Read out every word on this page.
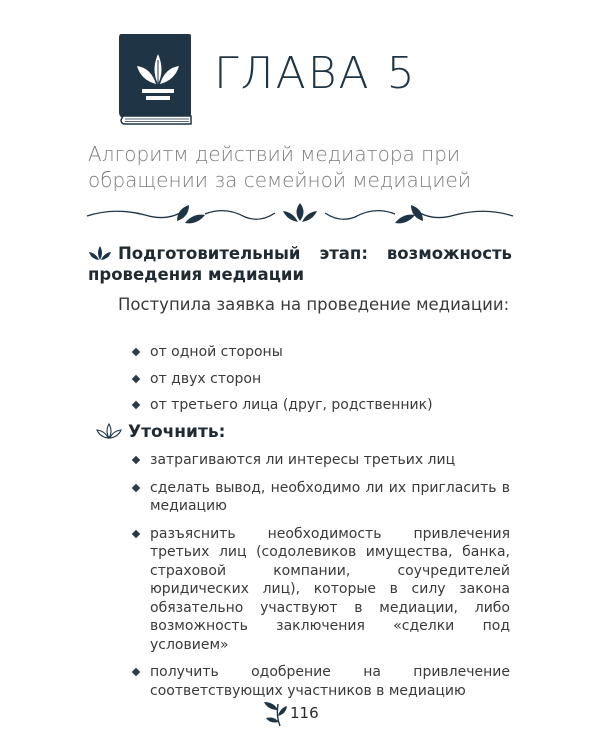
ГЛАВА 5

Алгоритм действий медиатора при обращении за семейной медиацией

Подготовительный этап: возможность проведения медиации

Поступила заявка на проведение медиации:

от одной стороны
от двух сторон
от третьего лица (друг, родственник)
Уточнить:
затрагиваются ли интересы третьих лиц
сделать вывод, необходимо ли их пригласить в медиацию
разъяснить необходимость привлечения третьих лиц (содолевиков имущества, банка, страховой компании, соучредителей юридических лиц), которые в силу закона обязательно участвуют в медиации, либо возможность заключения «сделки под условием»
получить одобрение на привлечение соответствующих участников в медиацию
116
